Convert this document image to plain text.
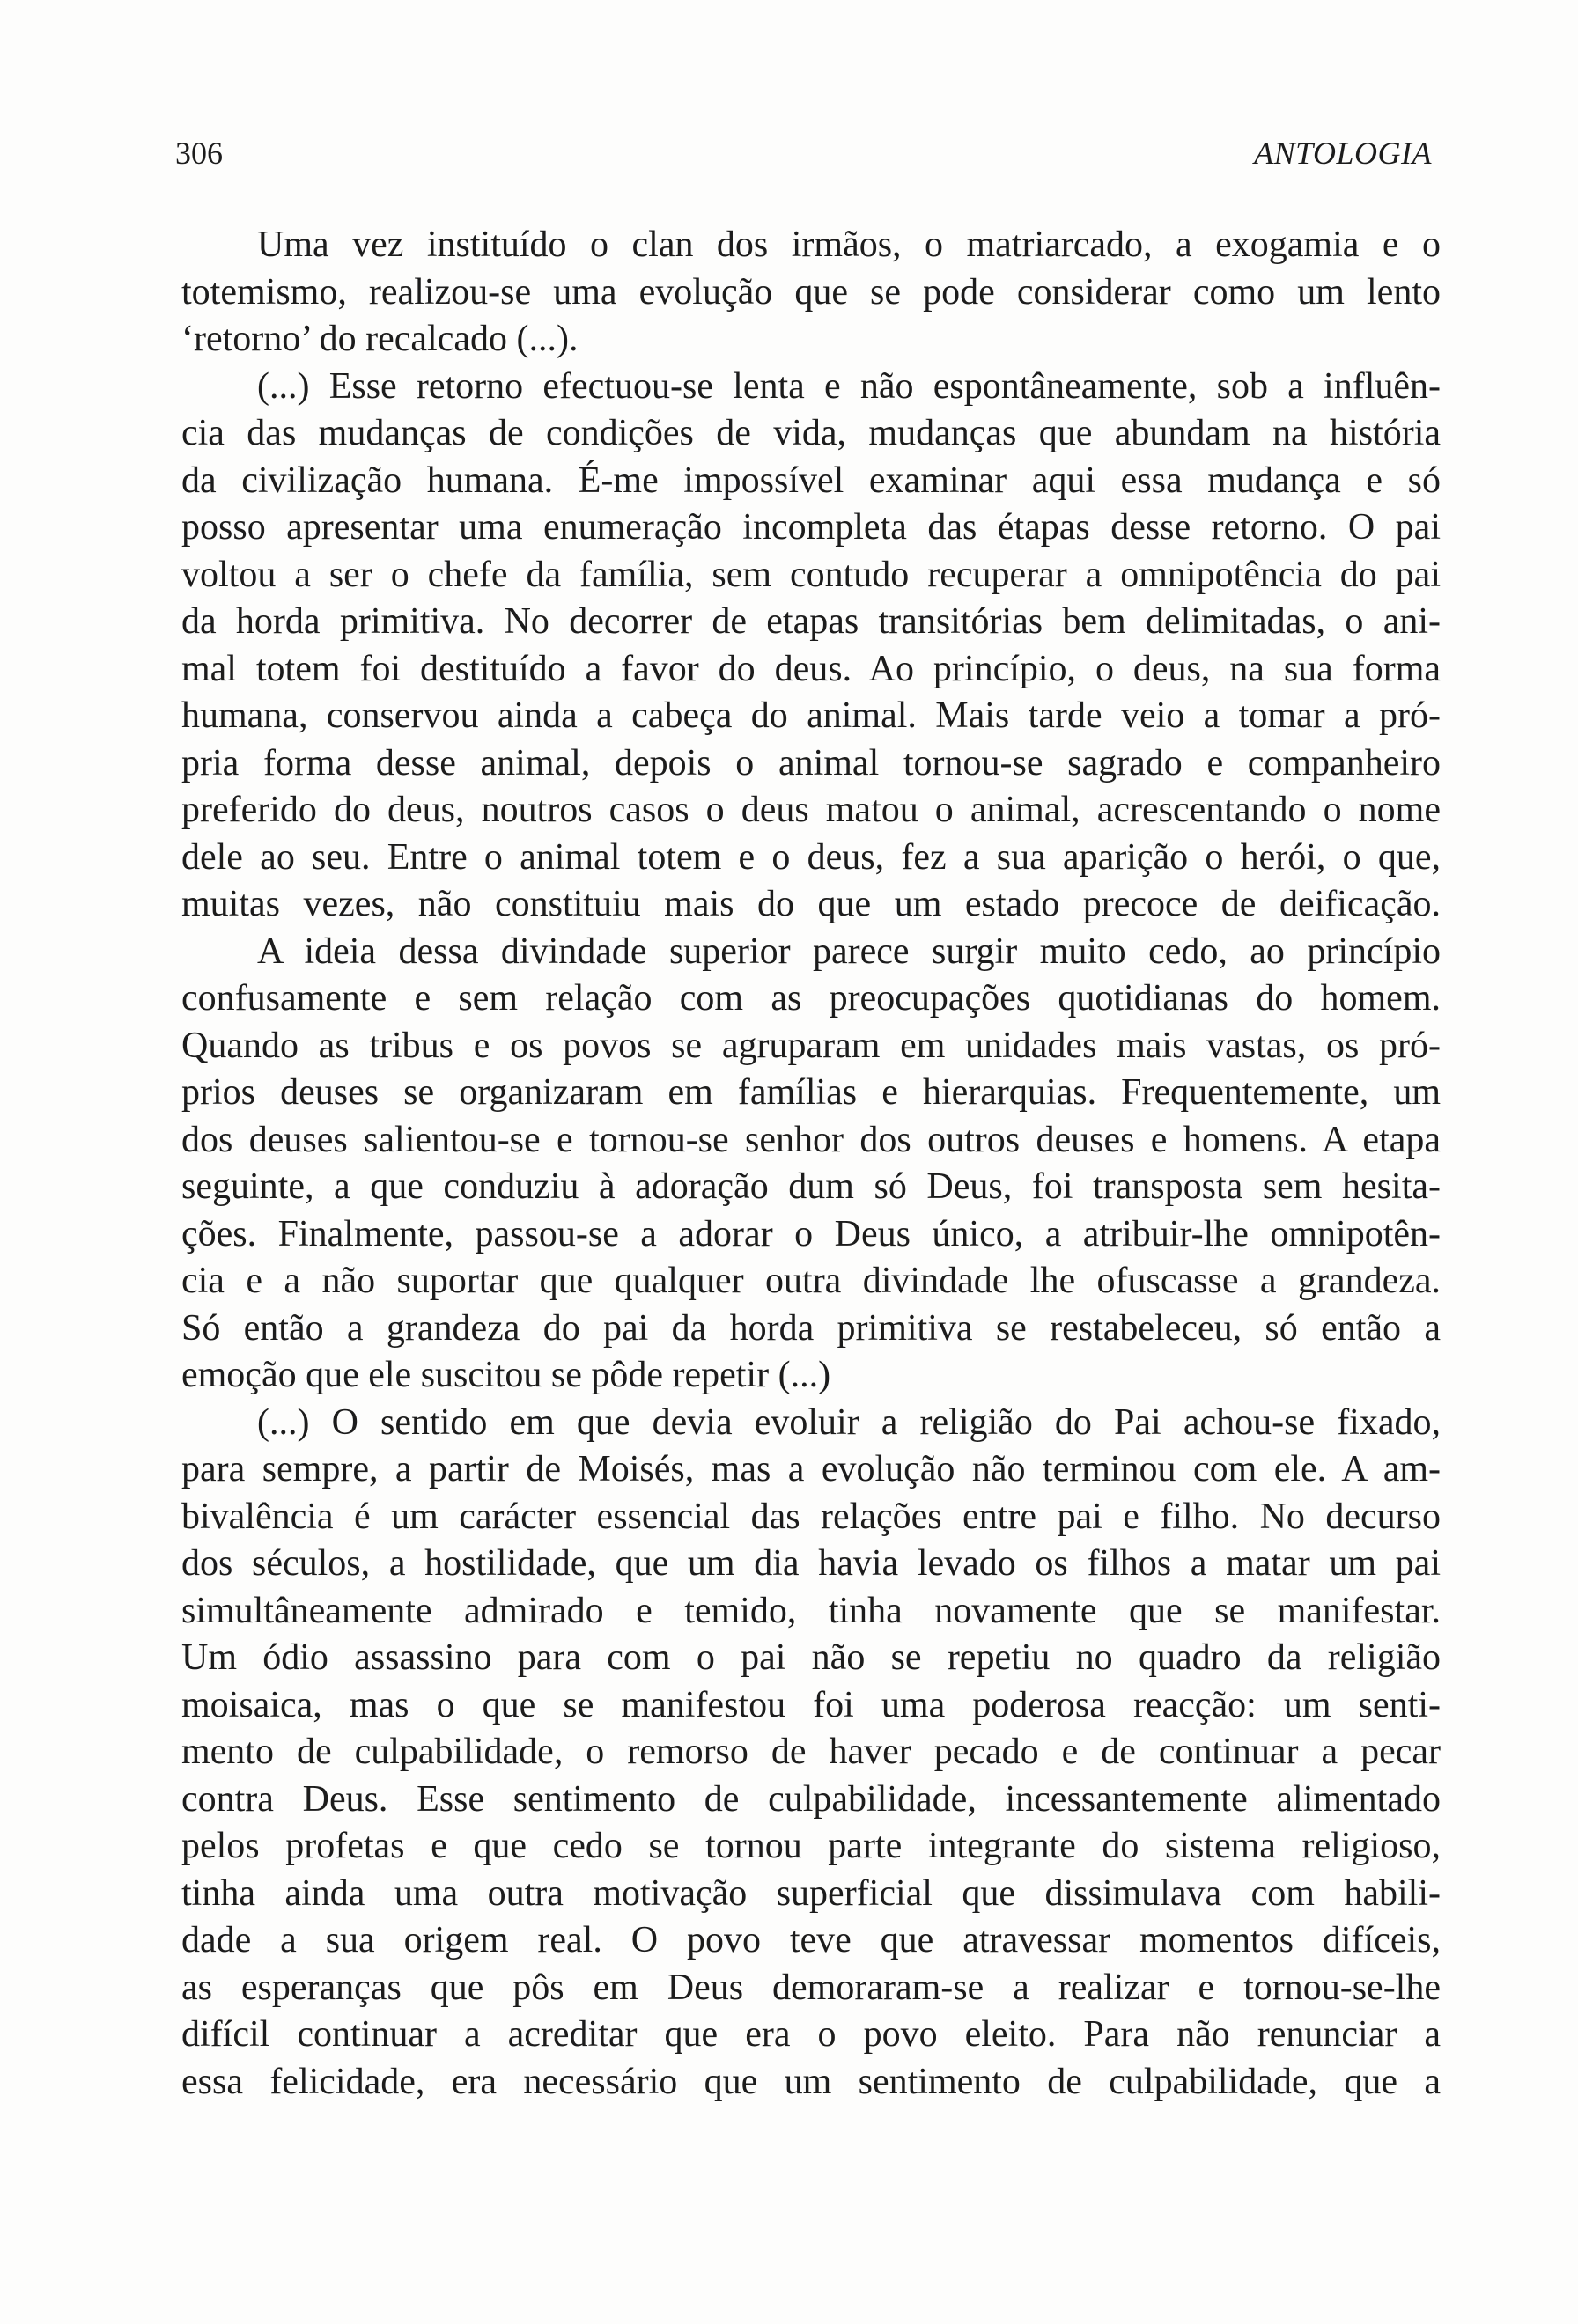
306	ANTOLOGIA
Uma vez instituído o clan dos irmãos, o matriarcado, a exogamia e o
totemismo, realizou-se uma evolução que se pode considerar como um lento
‘retorno’ do recalcado (...).
(...) Esse retorno efectuou-se lenta e não espontâneamente, sob a influên-
cia das mudanças de condições de vida, mudanças que abundam na história
da civilização humana. É-me impossível examinar aqui essa mudança e só
posso apresentar uma enumeração incompleta das étapas desse retorno. O pai
voltou a ser o chefe da família, sem contudo recuperar a omnipotência do pai
da horda primitiva. No decorrer de etapas transitórias bem delimitadas, o ani-
mal totem foi destituído a favor do deus. Ao princípio, o deus, na sua forma
humana, conservou ainda a cabeça do animal. Mais tarde veio a tomar a pró-
pria forma desse animal, depois o animal tornou-se sagrado e companheiro
preferido do deus, noutros casos o deus matou o animal, acrescentando o nome
dele ao seu. Entre o animal totem e o deus, fez a sua aparição o herói, o que,
muitas vezes, não constituiu mais do que um estado precoce de deificação.
A ideia dessa divindade superior parece surgir muito cedo, ao princípio
confusamente e sem relação com as preocupações quotidianas do homem.
Quando as tribus e os povos se agruparam em unidades mais vastas, os pró-
prios deuses se organizaram em famílias e hierarquias. Frequentemente, um
dos deuses salientou-se e tornou-se senhor dos outros deuses e homens. A etapa
seguinte, a que conduziu à adoração dum só Deus, foi transposta sem hesita-
ções. Finalmente, passou-se a adorar o Deus único, a atribuir-lhe omnipotên-
cia e a não suportar que qualquer outra divindade lhe ofuscasse a grandeza.
Só então a grandeza do pai da horda primitiva se restabeleceu, só então a
emoção que ele suscitou se pôde repetir (...)
(...) O sentido em que devia evoluir a religião do Pai achou-se fixado,
para sempre, a partir de Moisés, mas a evolução não terminou com ele. A am-
bivalência é um carácter essencial das relações entre pai e filho. No decurso
dos séculos, a hostilidade, que um dia havia levado os filhos a matar um pai
simultâneamente admirado e temido, tinha novamente que se manifestar.
Um ódio assassino para com o pai não se repetiu no quadro da religião
moisaica, mas o que se manifestou foi uma poderosa reacção: um senti-
mento de culpabilidade, o remorso de haver pecado e de continuar a pecar
contra Deus. Esse sentimento de culpabilidade, incessantemente alimentado
pelos profetas e que cedo se tornou parte integrante do sistema religioso,
tinha ainda uma outra motivação superficial que dissimulava com habili-
dade a sua origem real. O povo teve que atravessar momentos difíceis,
as esperanças que pôs em Deus demoraram-se a realizar e tornou-se-lhe
difícil continuar a acreditar que era o povo eleito. Para não renunciar a
essa felicidade, era necessário que um sentimento de culpabilidade, que a
